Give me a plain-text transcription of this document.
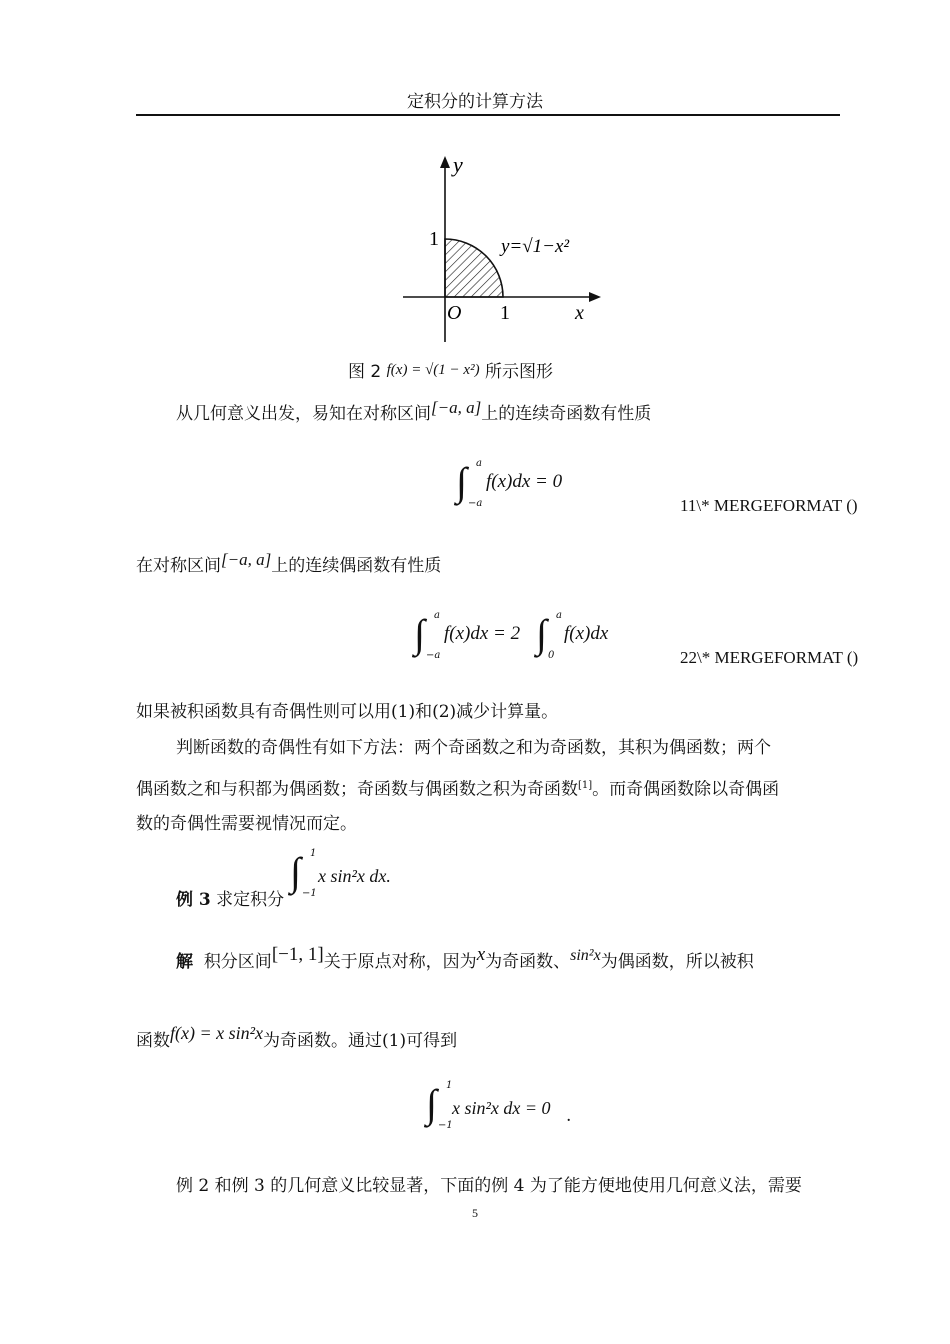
定积分的计算方法
y
1	y=√1−x²
O 1	x
图 2 f(x) = √(1 − x²) 所示图形
从几何意义出发，易知在对称区间[−a, a]上的连续奇函数有性质
∫ a
−a
f(x)dx = 0
11\* MERGEFORMAT ()
在对称区间[−a, a]上的连续偶函数有性质
∫ a
−a
f(x)dx = 2 ∫ a
0
f(x)dx
22\* MERGEFORMAT ()
如果被积函数具有奇偶性则可以用(1)和(2)减少计算量。
判断函数的奇偶性有如下方法：两个奇函数之和为奇函数，其积为偶函数；两个
偶函数之和与积都为偶函数；奇函数与偶函数之积为奇函数[1]。而奇偶函数除以奇偶函
数的奇偶性需要视情况而定。
例 3 求定积分
∫ 1
−1
x sin²x dx.
解 积分区间[−1, 1]关于原点对称，因为x为奇函数、sin²x为偶函数，所以被积
函数f(x) = x sin²x为奇函数。通过(1)可得到
∫ 1
−1
x sin²x dx = 0 .
例 2 和例 3 的几何意义比较显著，下面的例 4 为了能方便地使用几何意义法，需要
5
